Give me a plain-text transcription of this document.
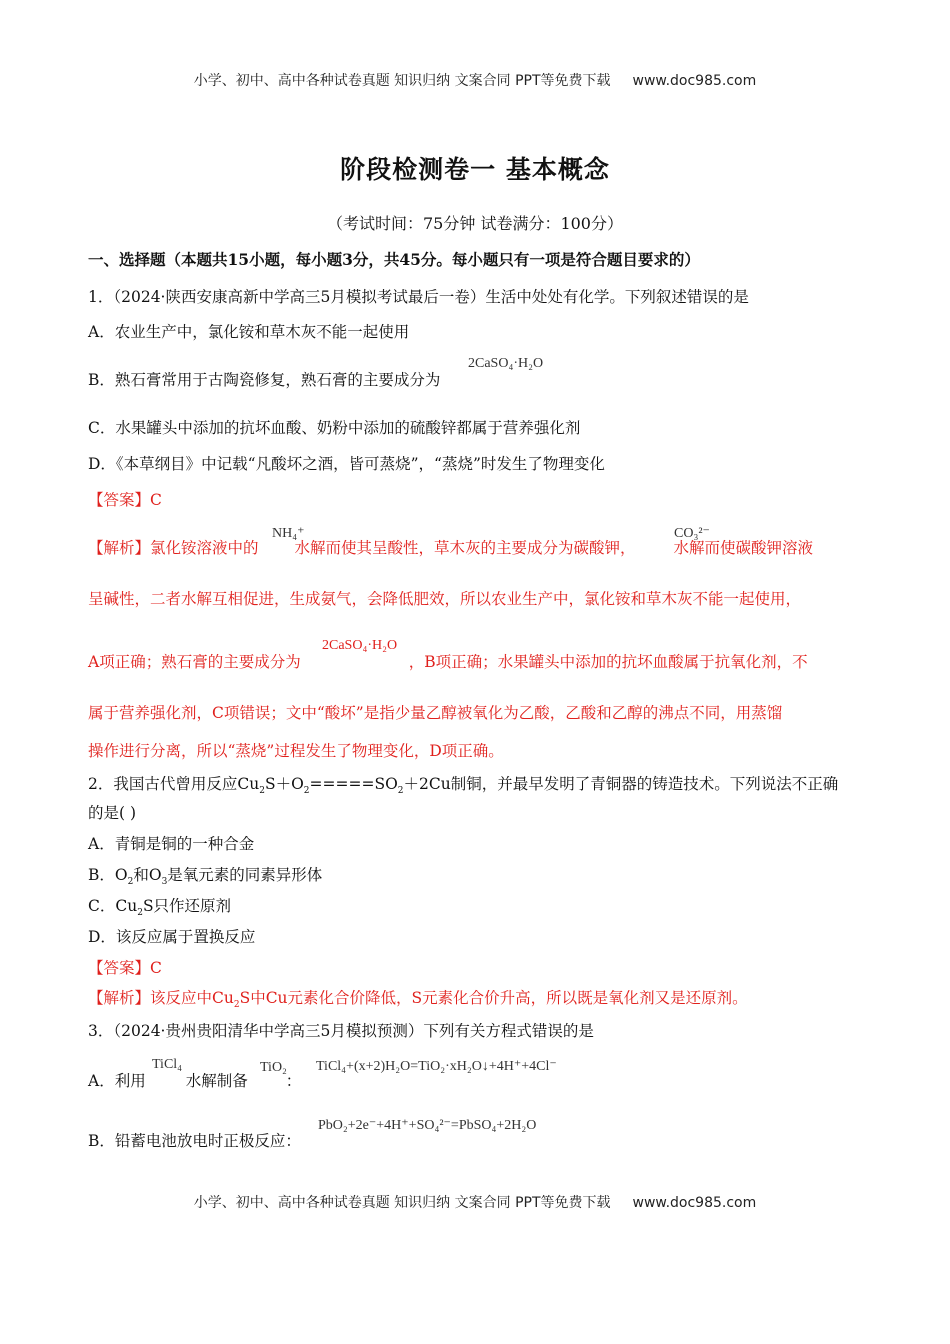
小学、初中、高中各种试卷真题 知识归纳 文案合同 PPT等免费下载 www.doc985.com
阶段检测卷一 基本概念
（考试时间：75分钟 试卷满分：100分）
一、选择题（本题共15小题，每小题3分，共45分。每小题只有一项是符合题目要求的）
1．（2024·陕西安康高新中学高三5月模拟考试最后一卷）生活中处处有化学。下列叙述错误的是
A．农业生产中，氯化铵和草木灰不能一起使用
B．熟石膏常用于古陶瓷修复，熟石膏的主要成分为
2CaSO₄·H₂O
C．水果罐头中添加的抗坏血酸、奶粉中添加的硫酸锌都属于营养强化剂
D．《本草纲目》中记载“凡酸坏之酒，皆可蒸烧”，“蒸烧”时发生了物理变化
【答案】C
【解析】氯化铵溶液中的 水解而使其呈酸性，草木灰的主要成分为碳酸钾， 水解而使碳酸钾溶液
NH₄⁺	CO₃²⁻
呈碱性，二者水解互相促进，生成氨气，会降低肥效，所以农业生产中，氯化铵和草木灰不能一起使用，
A项正确；熟石膏的主要成分为	，B项正确；水果罐头中添加的抗坏血酸属于抗氧化剂，不
2CaSO₄·H₂O
属于营养强化剂，C项错误；文中“酸坏”是指少量乙醇被氧化为乙酸，乙酸和乙醇的沸点不同，用蒸馏
操作进行分离，所以“蒸烧”过程发生了物理变化，D项正确。
2．我国古代曾用反应$Cu_2S+O_2=====SO_2+2Cu$制铜，并最早发明了青铜器的铸造技术。下列说法不正确
的是( )
A．青铜是铜的一种合金
B．$O_2$和$O_3$是氧元素的同素异形体
C．$Cu_2S$只作还原剂
D．该反应属于置换反应
【答案】C
【解析】该反应中$Cu_2S$中Cu元素化合价降低，S元素化合价升高，所以既是氧化剂又是还原剂。
3．（2024·贵州贵阳清华中学高三5月模拟预测）下列有关方程式错误的是
A．利用	水解制备 ：
TiCl₄	TiO₂ TiCl₄+(x+2)H₂O=TiO₂·xH₂O↓+4H⁺+4Cl⁻
B．铅蓄电池放电时正极反应：
PbO₂+2e⁻+4H⁺+SO₄²⁻=PbSO₄+2H₂O
小学、初中、高中各种试卷真题 知识归纳 文案合同 PPT等免费下载 www.doc985.com
